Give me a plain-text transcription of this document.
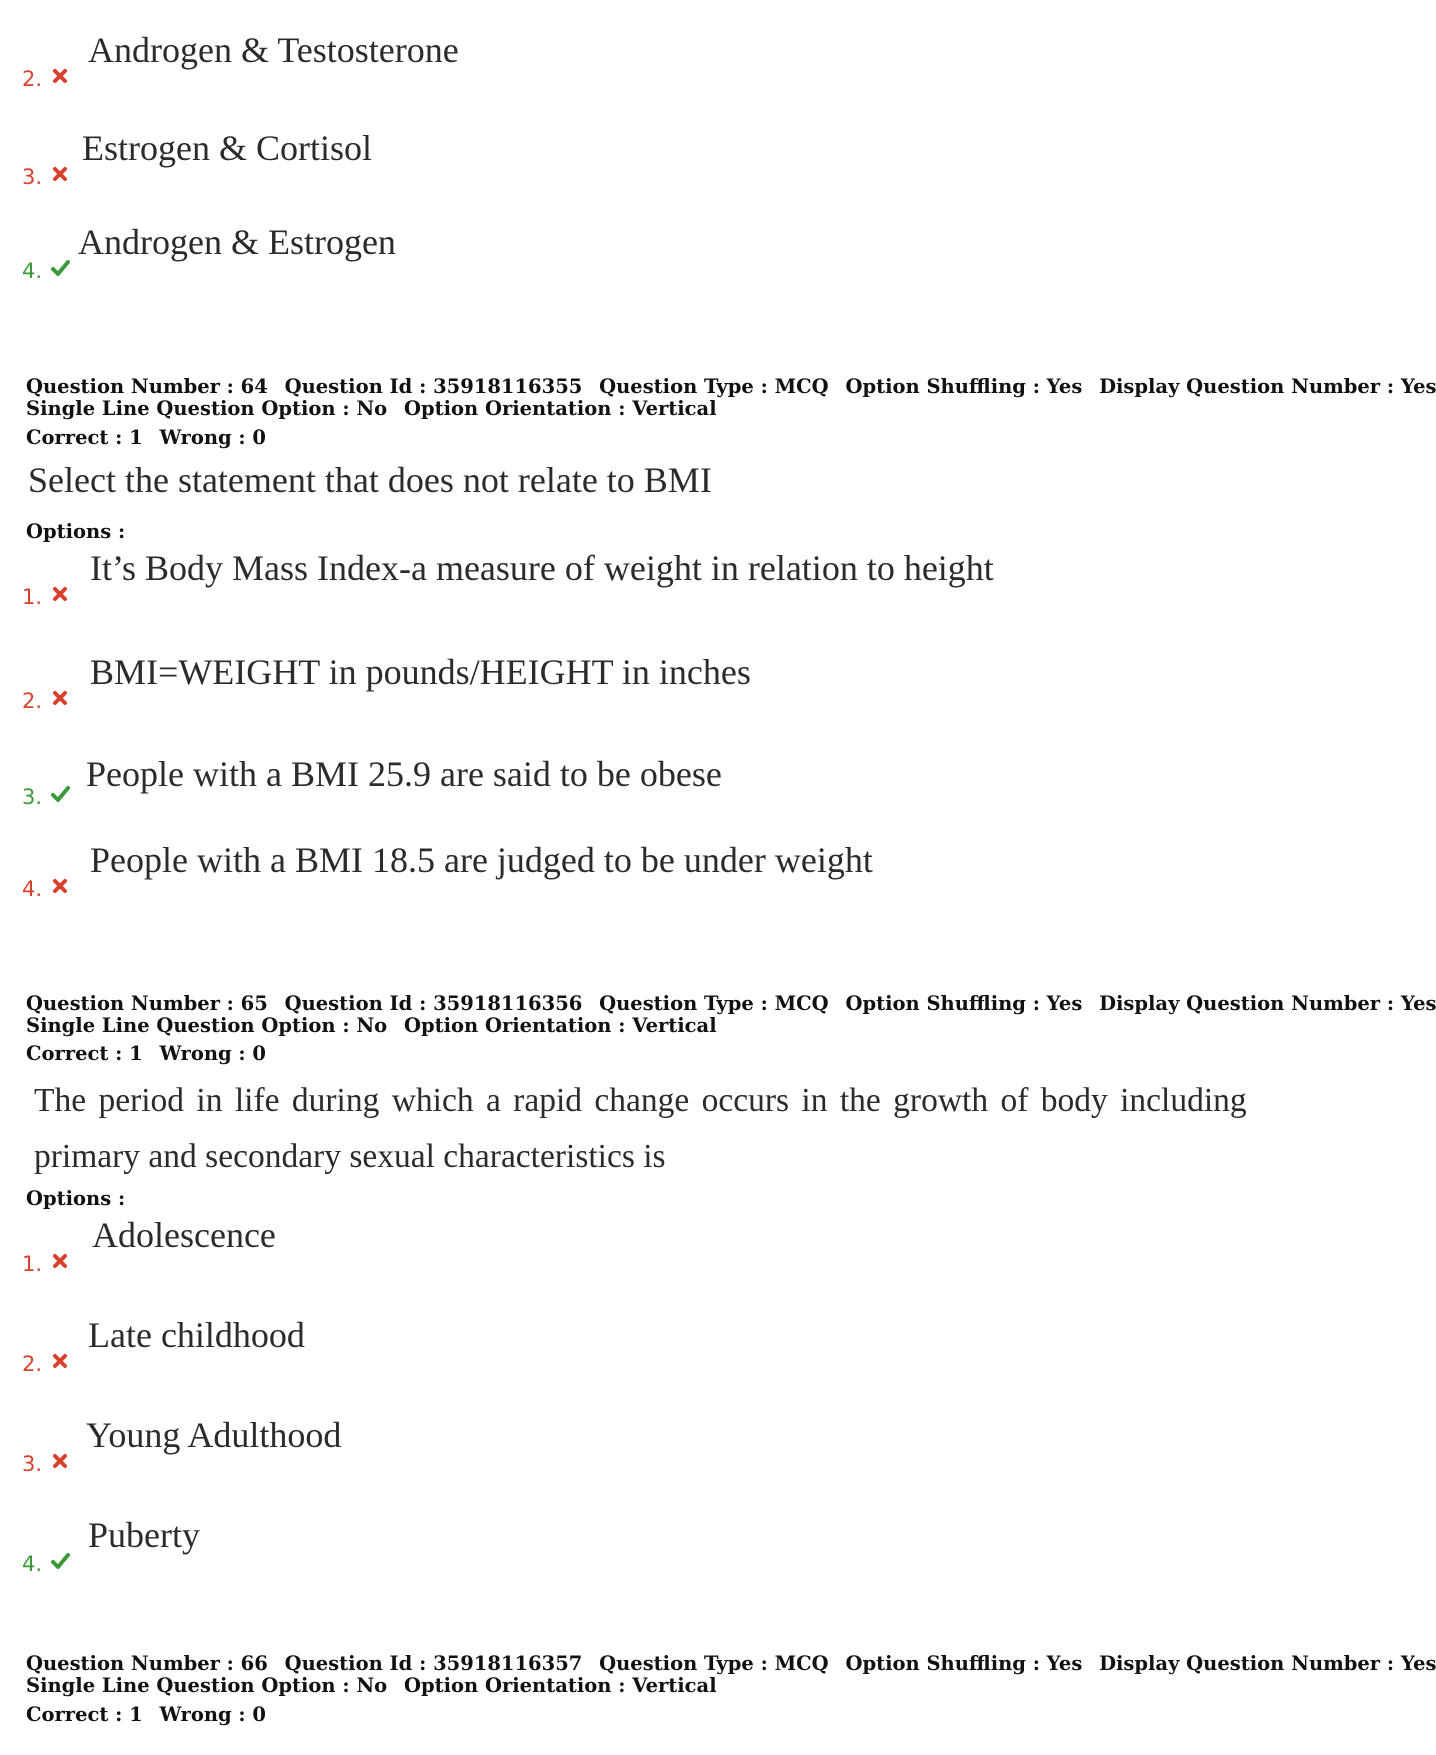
2.
Androgen & Testosterone
3.
Estrogen & Cortisol
4.
Androgen & Estrogen
Question Number : 64 Question Id : 35918116355 Question Type : MCQ Option Shuffling : Yes Display Question Number : Yes
Single Line Question Option : No Option Orientation : Vertical
Correct : 1 Wrong : 0
Select the statement that does not relate to BMI
Options :
1.
It’s Body Mass Index-a measure of weight in relation to height
2.
BMI=WEIGHT in pounds/HEIGHT in inches
3.
People with a BMI 25.9 are said to be obese
4.
People with a BMI 18.5 are judged to be under weight
Question Number : 65 Question Id : 35918116356 Question Type : MCQ Option Shuffling : Yes Display Question Number : Yes
Single Line Question Option : No Option Orientation : Vertical
Correct : 1 Wrong : 0
The period in life during which a rapid change occurs in the growth of body including
primary and secondary sexual characteristics is
Options :
1.
Adolescence
2.
Late childhood
3.
Young Adulthood
4.
Puberty
Question Number : 66 Question Id : 35918116357 Question Type : MCQ Option Shuffling : Yes Display Question Number : Yes
Single Line Question Option : No Option Orientation : Vertical
Correct : 1 Wrong : 0
